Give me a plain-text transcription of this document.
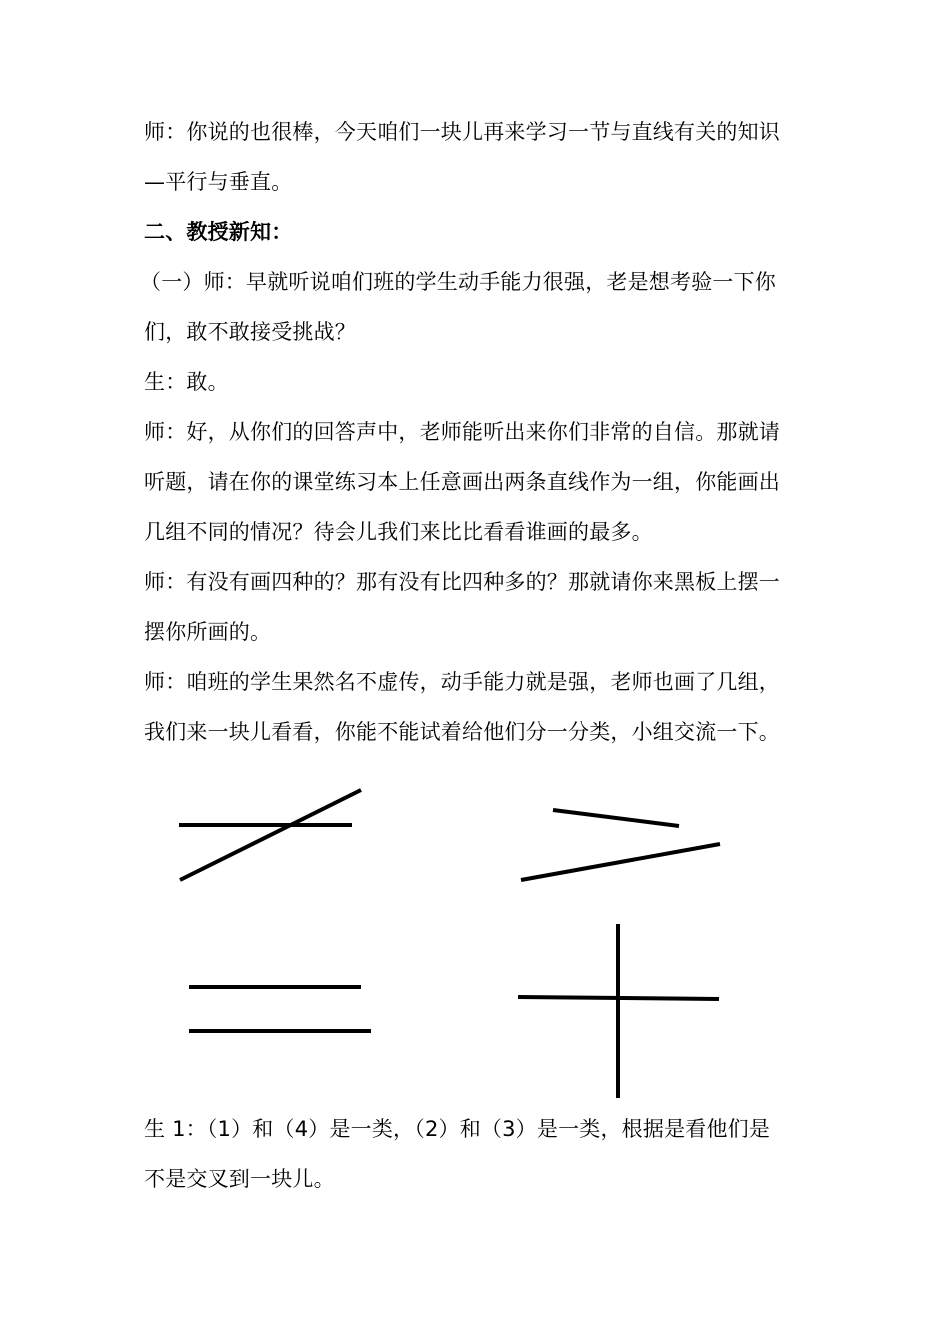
师：你说的也很棒，今天咱们一块儿再来学习一节与直线有关的知识
—平行与垂直。
二、教授新知：
（一）师：早就听说咱们班的学生动手能力很强，老是想考验一下你
们，敢不敢接受挑战？
生：敢。
师：好，从你们的回答声中，老师能听出来你们非常的自信。那就请
听题，请在你的课堂练习本上任意画出两条直线作为一组，你能画出
几组不同的情况？待会儿我们来比比看看谁画的最多。
师：有没有画四种的？那有没有比四种多的？那就请你来黑板上摆一
摆你所画的。
师：咱班的学生果然名不虚传，动手能力就是强，老师也画了几组，
我们来一块儿看看，你能不能试着给他们分一分类，小组交流一下。
生 1：（1）和（4）是一类，（2）和（3）是一类，根据是看他们是
不是交叉到一块儿。
